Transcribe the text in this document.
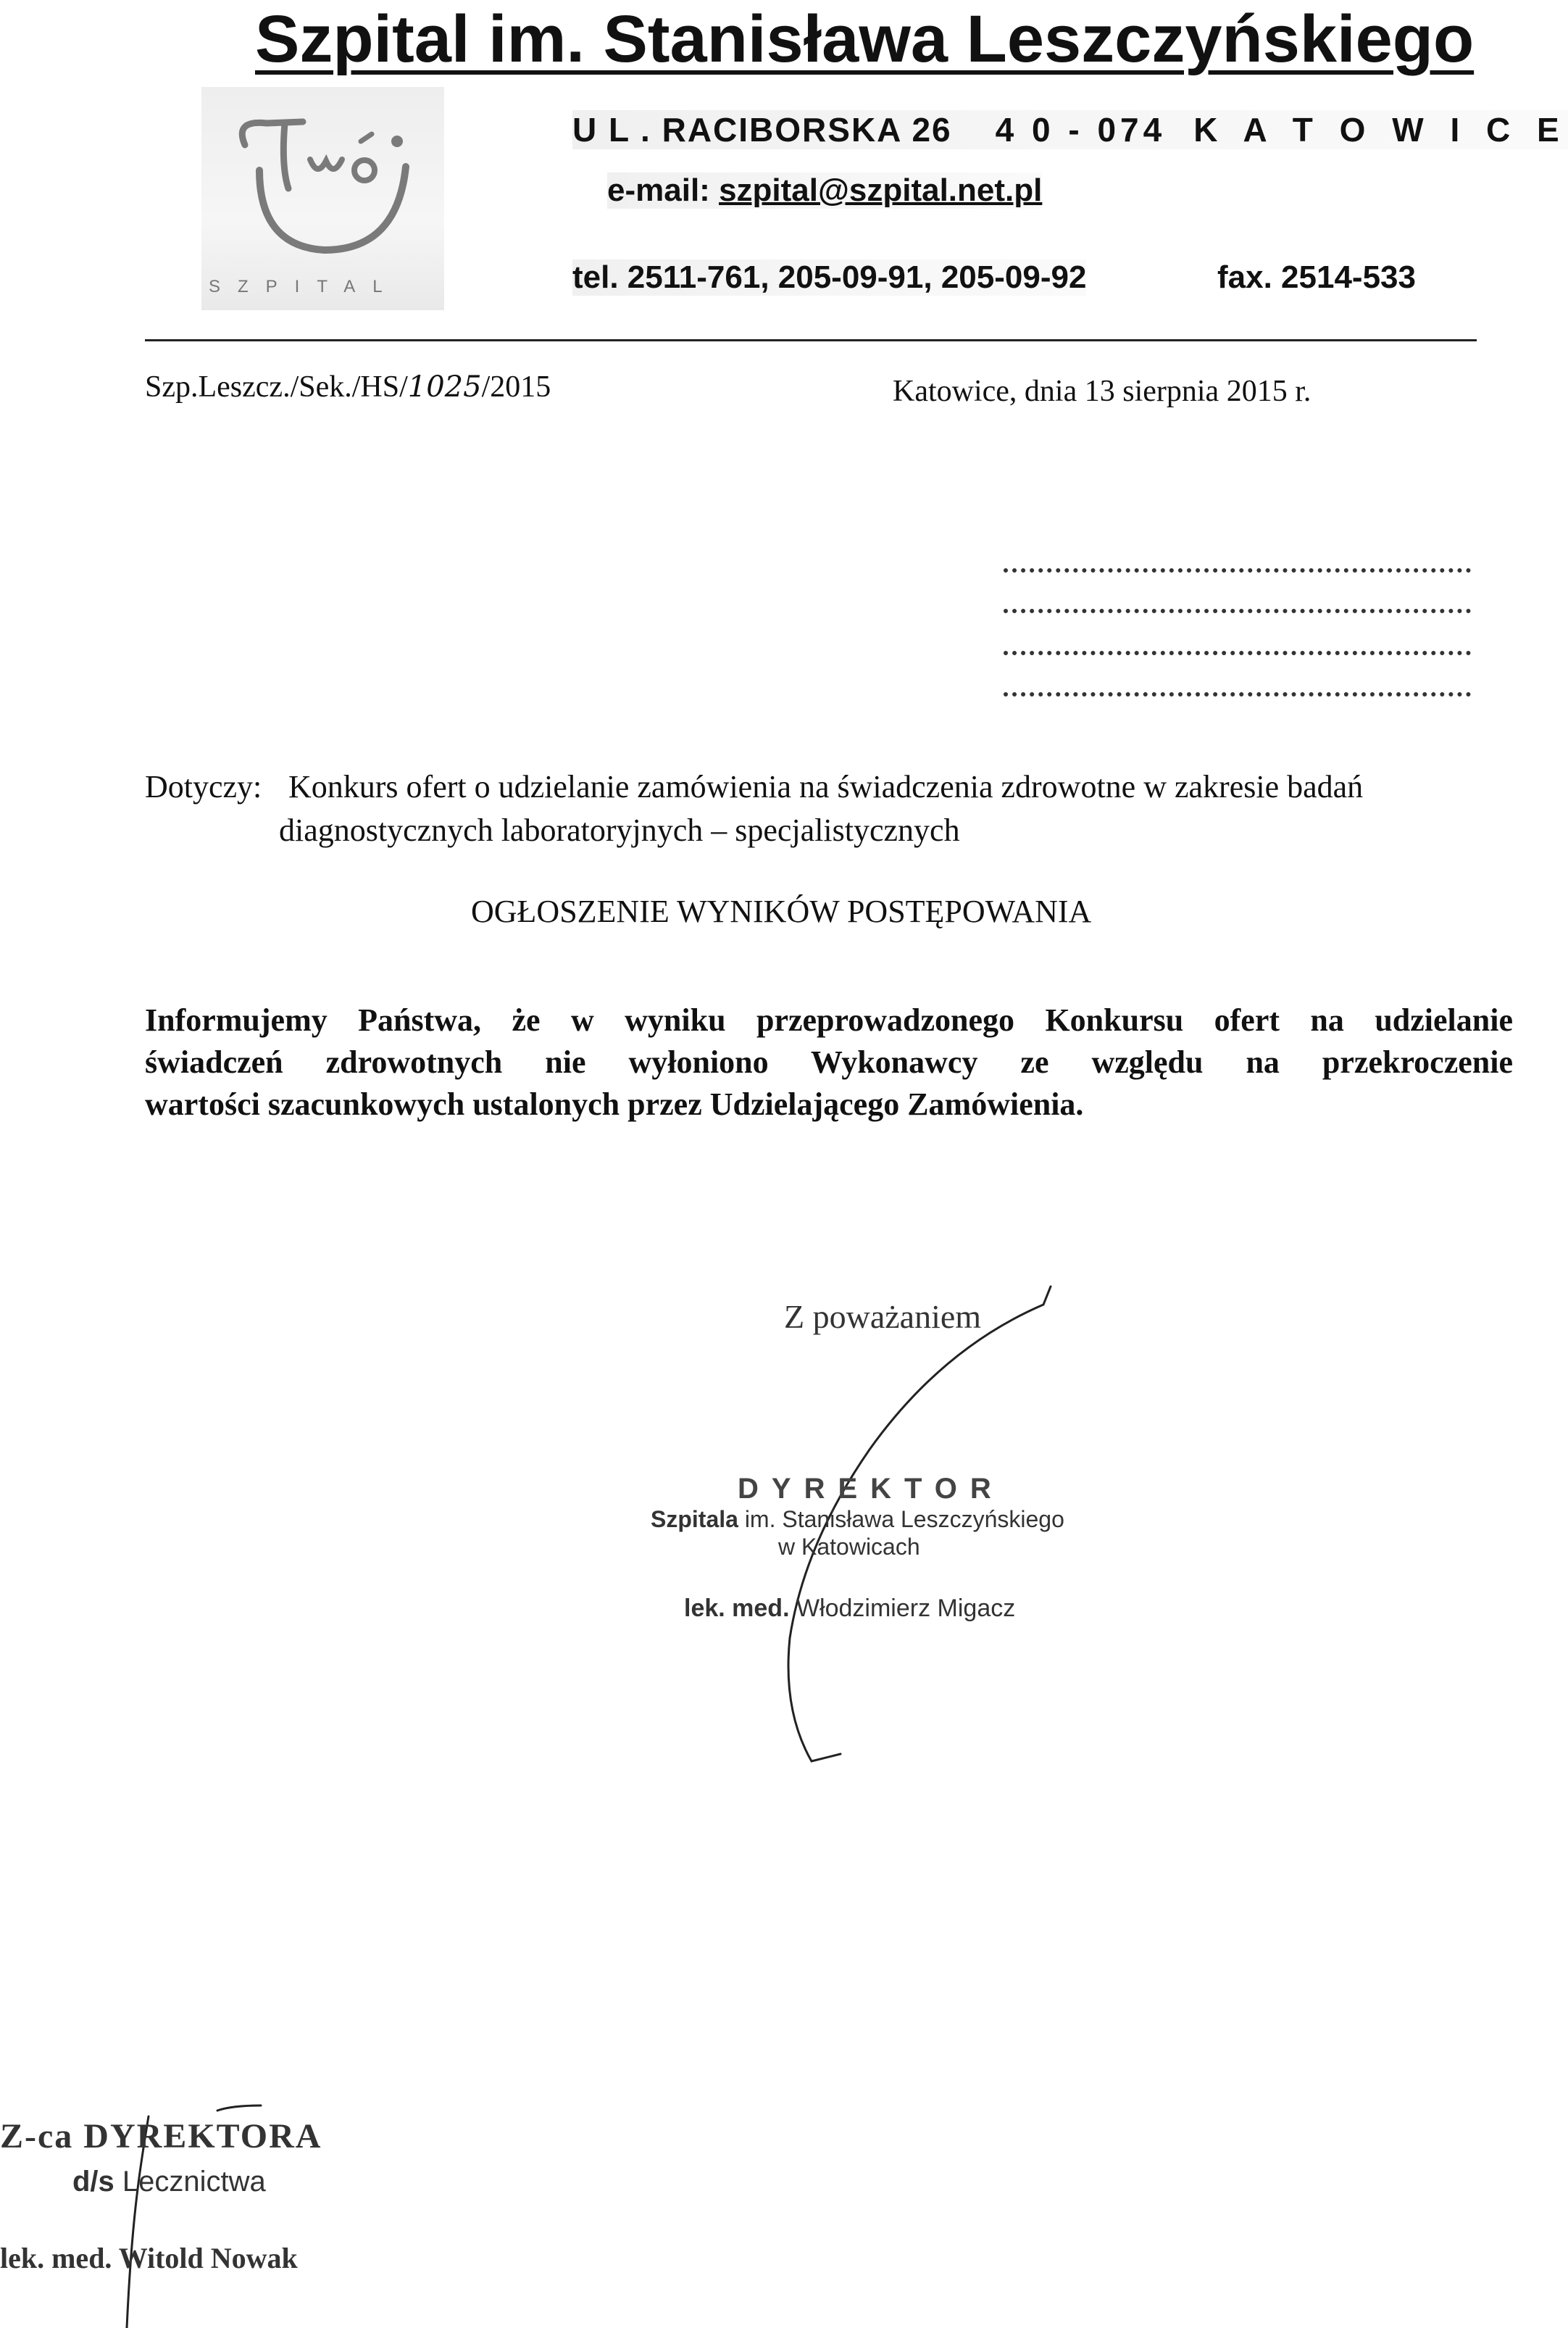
Szpital im. Stanisława Leszczyńskiego
SZPITAL
U L . RACIBORSKA 26 4 0 - 074 K A T O W I C E
e-mail: szpital@szpital.net.pl
tel. 2511-761, 205-09-91, 205-09-92	fax. 2514-533
Szp.Leszcz./Sek./HS/1025/2015	Katowice, dnia 13 sierpnia 2015 r.
Dotyczy: Konkurs ofert o udzielanie zamówienia na świadczenia zdrowotne w zakresie badań
diagnostycznych laboratoryjnych – specjalistycznych
OGŁOSZENIE WYNIKÓW POSTĘPOWANIA
Informujemy Państwa, że w wyniku przeprowadzonego Konkursu ofert na udzielanie
świadczeń zdrowotnych nie wyłoniono Wykonawcy ze względu na przekroczenie
wartości szacunkowych ustalonych przez Udzielającego Zamówienia.
Z poważaniem
DYREKTOR
Szpitala im. Stanisława Leszczyńskiego
w Katowicach
lek. med. Włodzimierz Migacz
Z-ca DYREKTORA
d/s Lecznictwa
lek. med. Witold Nowak
